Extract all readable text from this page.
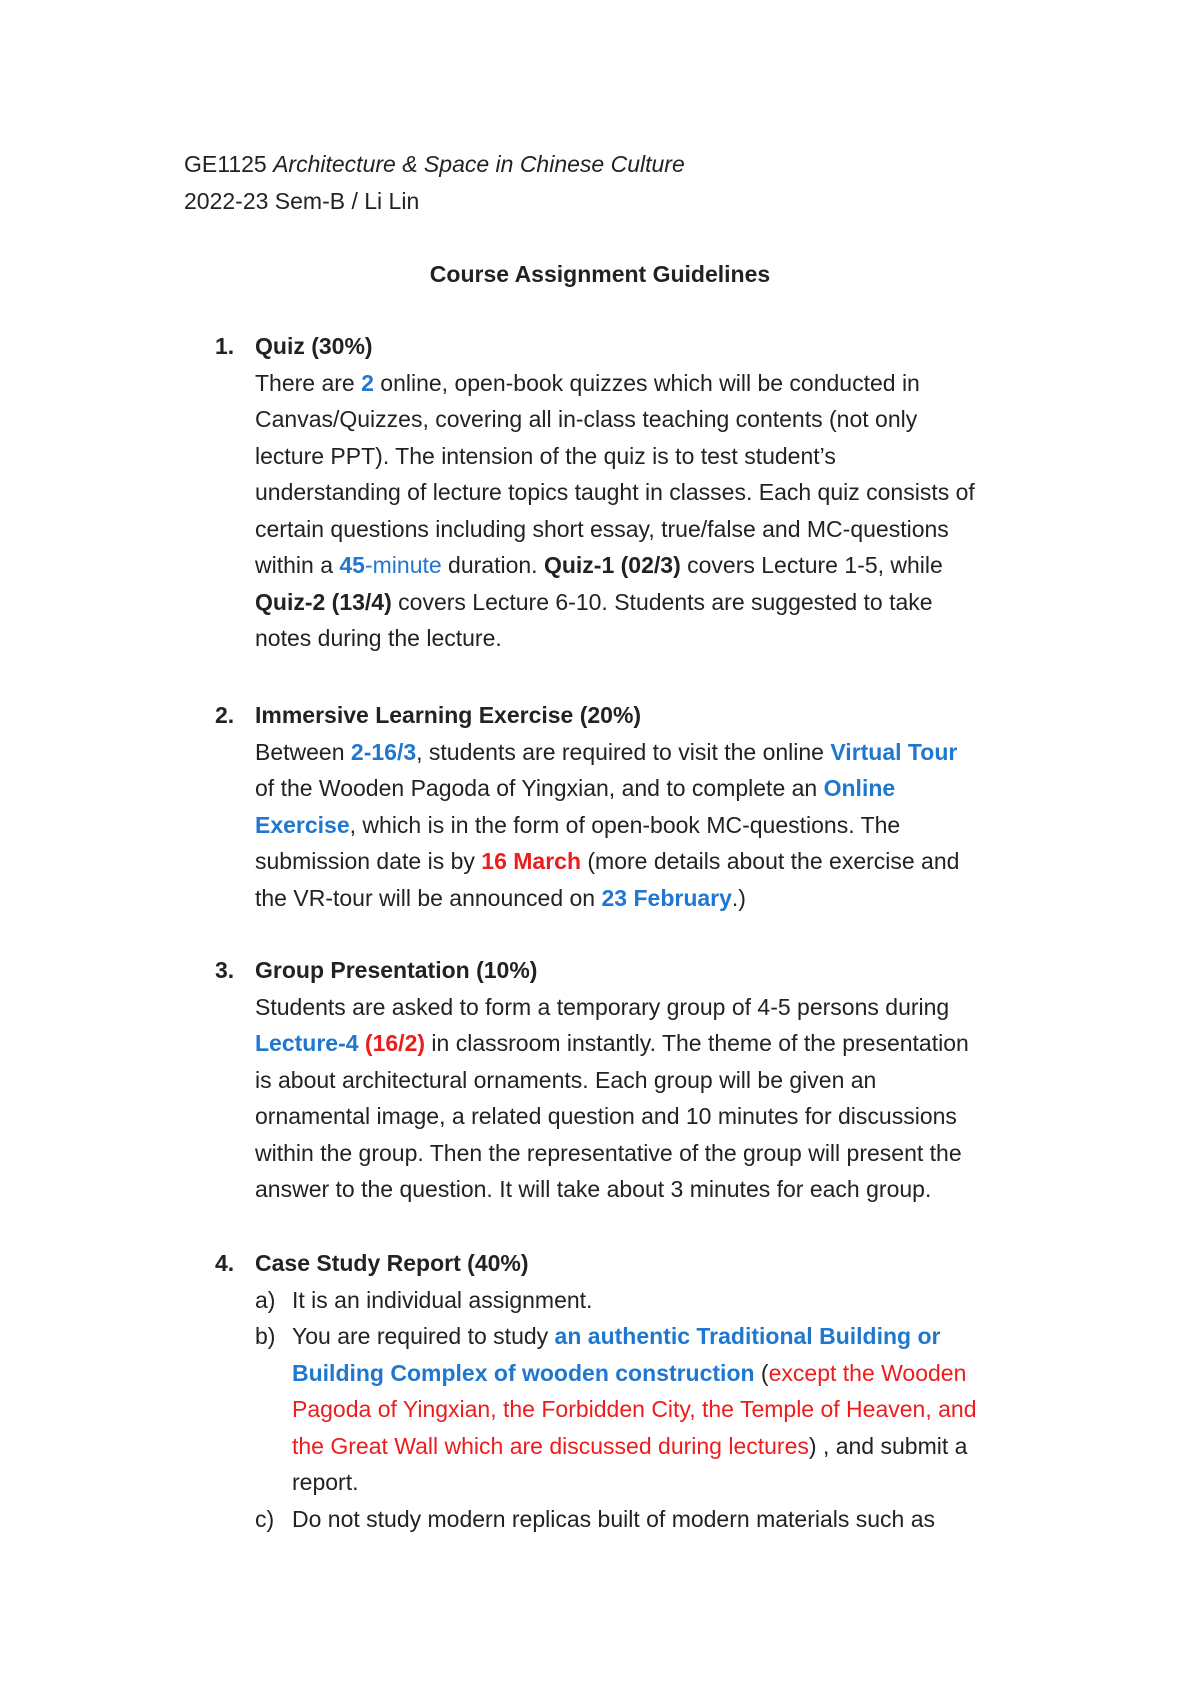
GE1125 Architecture & Space in Chinese Culture
2022-23 Sem-B / Li Lin
Course Assignment Guidelines
1. Quiz (30%)
There are 2 online, open-book quizzes which will be conducted in
Canvas/Quizzes, covering all in-class teaching contents (not only
lecture PPT). The intension of the quiz is to test student’s
understanding of lecture topics taught in classes. Each quiz consists of
certain questions including short essay, true/false and MC-questions
within a 45-minute duration. Quiz-1 (02/3) covers Lecture 1-5, while
Quiz-2 (13/4) covers Lecture 6-10. Students are suggested to take
notes during the lecture.
2. Immersive Learning Exercise (20%)
Between 2-16/3, students are required to visit the online Virtual Tour
of the Wooden Pagoda of Yingxian, and to complete an Online
Exercise, which is in the form of open-book MC-questions. The
submission date is by 16 March (more details about the exercise and
the VR-tour will be announced on 23 February.)
3. Group Presentation (10%)
Students are asked to form a temporary group of 4-5 persons during
Lecture-4 (16/2) in classroom instantly. The theme of the presentation
is about architectural ornaments. Each group will be given an
ornamental image, a related question and 10 minutes for discussions
within the group. Then the representative of the group will present the
answer to the question. It will take about 3 minutes for each group.
4. Case Study Report (40%)
a) It is an individual assignment.
b) You are required to study an authentic Traditional Building or
Building Complex of wooden construction (except the Wooden
Pagoda of Yingxian, the Forbidden City, the Temple of Heaven, and
the Great Wall which are discussed during lectures) , and submit a
report.
c) Do not study modern replicas built of modern materials such as
